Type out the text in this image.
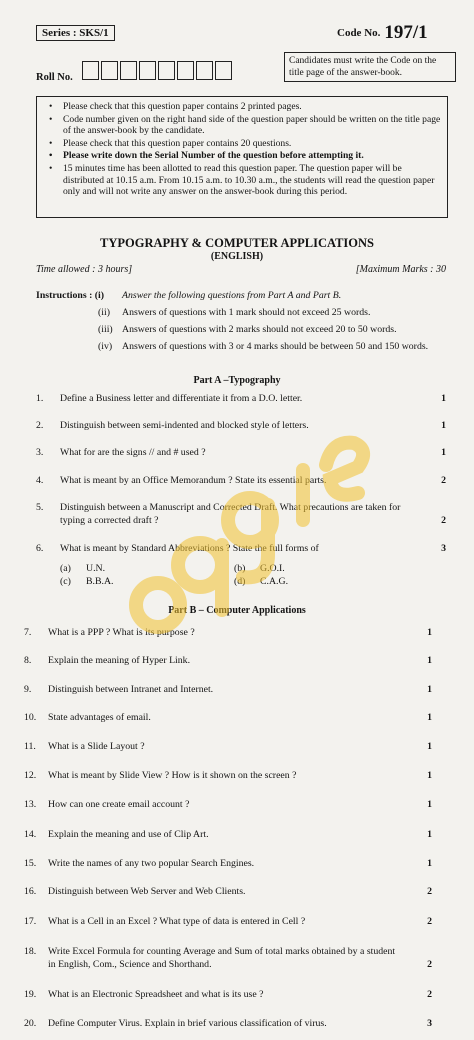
Series : SKS/1	Code No. 197/1
Candidates must write the Code on the title page of the answer-book.
Roll No.
• Please check that this question paper contains 2 printed pages.
• Code number given on the right hand side of the question paper should be written on the title page of the answer-book by the candidate.
• Please check that this question paper contains 20 questions.
• Please write down the Serial Number of the question before attempting it.
• 15 minutes time has been allotted to read this question paper. The question paper will be distributed at 10.15 a.m. From 10.15 a.m. to 10.30 a.m., the students will read the question paper only and will not write any answer on the answer-book during this period.
TYPOGRAPHY & COMPUTER APPLICATIONS
(ENGLISH)
Time allowed : 3 hours]	[Maximum Marks : 30
Instructions : (i)	Answer the following questions from Part A and Part B.
(ii) Answers of questions with 1 mark should not exceed 25 words.
(iii) Answers of questions with 2 marks should not exceed 20 to 50 words.
(iv) Answers of questions with 3 or 4 marks should be between 50 and 150 words.
Part A –Typography
1.	Define a Business letter and differentiate it from a D.O. letter.	1
2.	Distinguish between semi-indented and blocked style of letters.	1
3.	What for are the signs // and # used ?	1
4.	What is meant by an Office Memorandum ? State its essential parts.	2
5.	Distinguish between a Manuscript and Corrected Draft. What precautions are taken for typing a corrected draft ?	2
6.	What is meant by Standard Abbreviations ? State the full forms of	3
(a)	U.N.	(b)	G.O.I.
(c)	B.B.A.	(d)	C.A.G.
Part B – Computer Applications
7.	What is a PPP ? What is its purpose ?	1
8.	Explain the meaning of Hyper Link.	1
9.	Distinguish between Intranet and Internet.	1
10.	State advantages of email.	1
11.	What is a Slide Layout ?	1
12.	What is meant by Slide View ? How is it shown on the screen ?	1
13.	How can one create email account ?	1
14.	Explain the meaning and use of Clip Art.	1
15.	Write the names of any two popular Search Engines.	1
16.	Distinguish between Web Server and Web Clients.	2
17.	What is a Cell in an Excel ? What type of data is entered in Cell ?	2
18.	Write Excel Formula for counting Average and Sum of total marks obtained by a student in English, Com., Science and Shorthand.	2
19.	What is an Electronic Spreadsheet and what is its use ?	2
20.	Define Computer Virus. Explain in brief various classification of virus.	3
